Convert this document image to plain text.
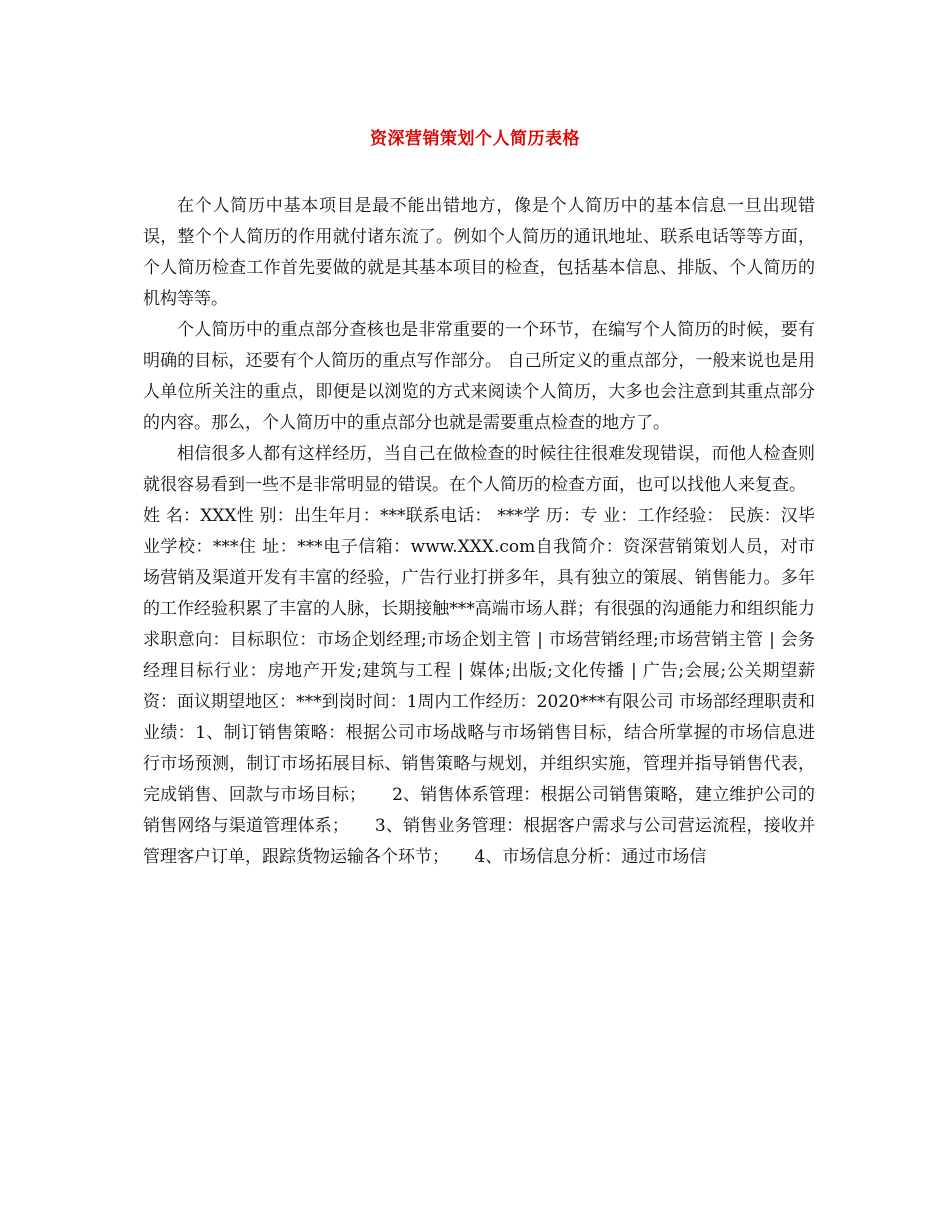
资深营销策划个人简历表格

在个人简历中基本项目是最不能出错地方，像是个人简历中的基本信息一旦出现错误，整个个人简历的作用就付诸东流了。例如个人简历的通讯地址、联系电话等等方面，个人简历检查工作首先要做的就是其基本项目的检查，包括基本信息、排版、个人简历的机构等等。

个人简历中的重点部分查核也是非常重要的一个环节，在编写个人简历的时候，要有明确的目标，还要有个人简历的重点写作部分。 自己所定义的重点部分，一般来说也是用人单位所关注的重点，即便是以浏览的方式来阅读个人简历，大多也会注意到其重点部分的内容。那么，个人简历中的重点部分也就是需要重点检查的地方了。

相信很多人都有这样经历，当自己在做检查的时候往往很难发现错误，而他人检查则就很容易看到一些不是非常明显的错误。在个人简历的检查方面，也可以找他人来复查。

姓 名：XXX性 别：出生年月：***联系电话： ***学 历：专 业：工作经验： 民族：汉毕业学校：***住 址：***电子信箱：www.XXX.com自我简介：资深营销策划人员，对市场营销及渠道开发有丰富的经验，广告行业打拼多年，具有独立的策展、销售能力。多年的工作经验积累了丰富的人脉，长期接触***高端市场人群；有很强的沟通能力和组织能力求职意向：目标职位：市场企划经理;市场企划主管 | 市场营销经理;市场营销主管 | 会务经理目标行业：房地产开发;建筑与工程 | 媒体;出版;文化传播 | 广告;会展;公关期望薪资：面议期望地区：***到岗时间：1周内工作经历：2020***有限公司 市场部经理职责和业绩：1、制订销售策略：根据公司市场战略与市场销售目标，结合所掌握的市场信息进行市场预测，制订市场拓展目标、销售策略与规划，并组织实施，管理并指导销售代表，完成销售、回款与市场目标；　　2、销售体系管理：根据公司销售策略，建立维护公司的销售网络与渠道管理体系；　　3、销售业务管理：根据客户需求与公司营运流程，接收并管理客户订单，跟踪货物运输各个环节；　　4、市场信息分析：通过市场信
